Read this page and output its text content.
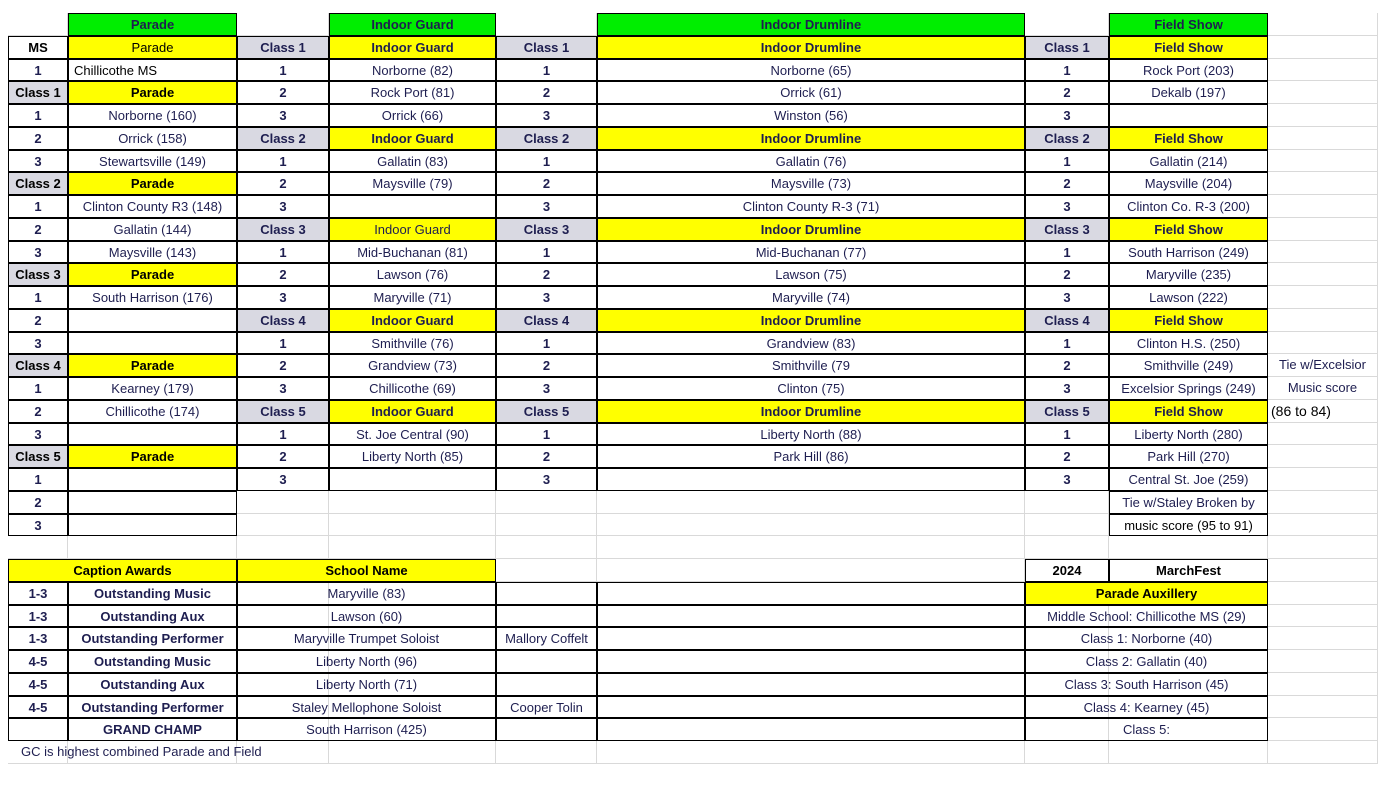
Parade	Indoor Guard	Indoor Drumline	Field Show
MS	Parade
1	Chillicothe MS
Class 1	Parade
1	Norborne (160)
2	Orrick (158)
3	Stewartsville (149)
Class 2	Parade
1	Clinton County R3 (148)
2	Gallatin (144)
3	Maysville (143)
Class 3	Parade
1	South Harrison (176)
2
3
Class 4	Parade
1	Kearney (179)
2	Chillicothe (174)
3
Class 5	Parade
1
2
3
Class 1	Indoor Guard
1	Norborne (82)
2	Rock Port (81)
3	Orrick (66)
Class 2	Indoor Guard
1	Gallatin (83)
2	Maysville (79)
3
Class 3	Indoor Guard
1	Mid-Buchanan (81)
2	Lawson (76)
3	Maryville (71)
Class 4	Indoor Guard
1	Smithville (76)
2	Grandview (73)
3	Chillicothe (69)
Class 5	Indoor Guard
1	St. Joe Central (90)
2	Liberty North (85)
3
Class 1	Indoor Drumline
1	Norborne (65)
2	Orrick (61)
3	Winston (56)
Class 2	Indoor Drumline
1	Gallatin (76)
2	Maysville (73)
3	Clinton County R-3 (71)
Class 3	Indoor Drumline
1	Mid-Buchanan (77)
2	Lawson (75)
3	Maryville (74)
Class 4	Indoor Drumline
1	Grandview (83)
2	Smithville (79
3	Clinton (75)
Class 5	Indoor Drumline
1	Liberty North (88)
2	Park Hill (86)
3
Class 1	Field Show
1	Rock Port (203)
2	Dekalb (197)
3
Class 2	Field Show
1	Gallatin (214)
2	Maysville (204)
3	Clinton Co. R-3 (200)
Class 3	Field Show
1	South Harrison (249)
2	Maryville (235)
3	Lawson (222)
Class 4	Field Show
1	Clinton H.S. (250)
2	Smithville (249)
3	Excelsior Springs (249)
Class 5	Field Show
1	Liberty North (280)
2	Park Hill (270)
3	Central St. Joe (259)
Tie w/Staley Broken by
music score (95 to 91)
Tie w/Excelsior
Music score
(86 to 84)
Caption Awards	School Name
1-3	Outstanding Music	Maryville (83)
1-3	Outstanding Aux	Lawson (60)
1-3	Outstanding Performer	Maryville Trumpet Soloist	Mallory Coffelt
4-5	Outstanding Music	Liberty North (96)
4-5	Outstanding Aux	Liberty North (71)
4-5	Outstanding Performer	Staley Mellophone Soloist	Cooper Tolin
GRAND CHAMP	South Harrison (425)
GC is highest combined Parade and Field
2024	MarchFest
Parade Auxillery
Middle School: Chillicothe MS (29)
Class 1: Norborne (40)
Class 2: Gallatin (40)
Class 3: South Harrison (45)
Class 4: Kearney (45)
Class 5:
